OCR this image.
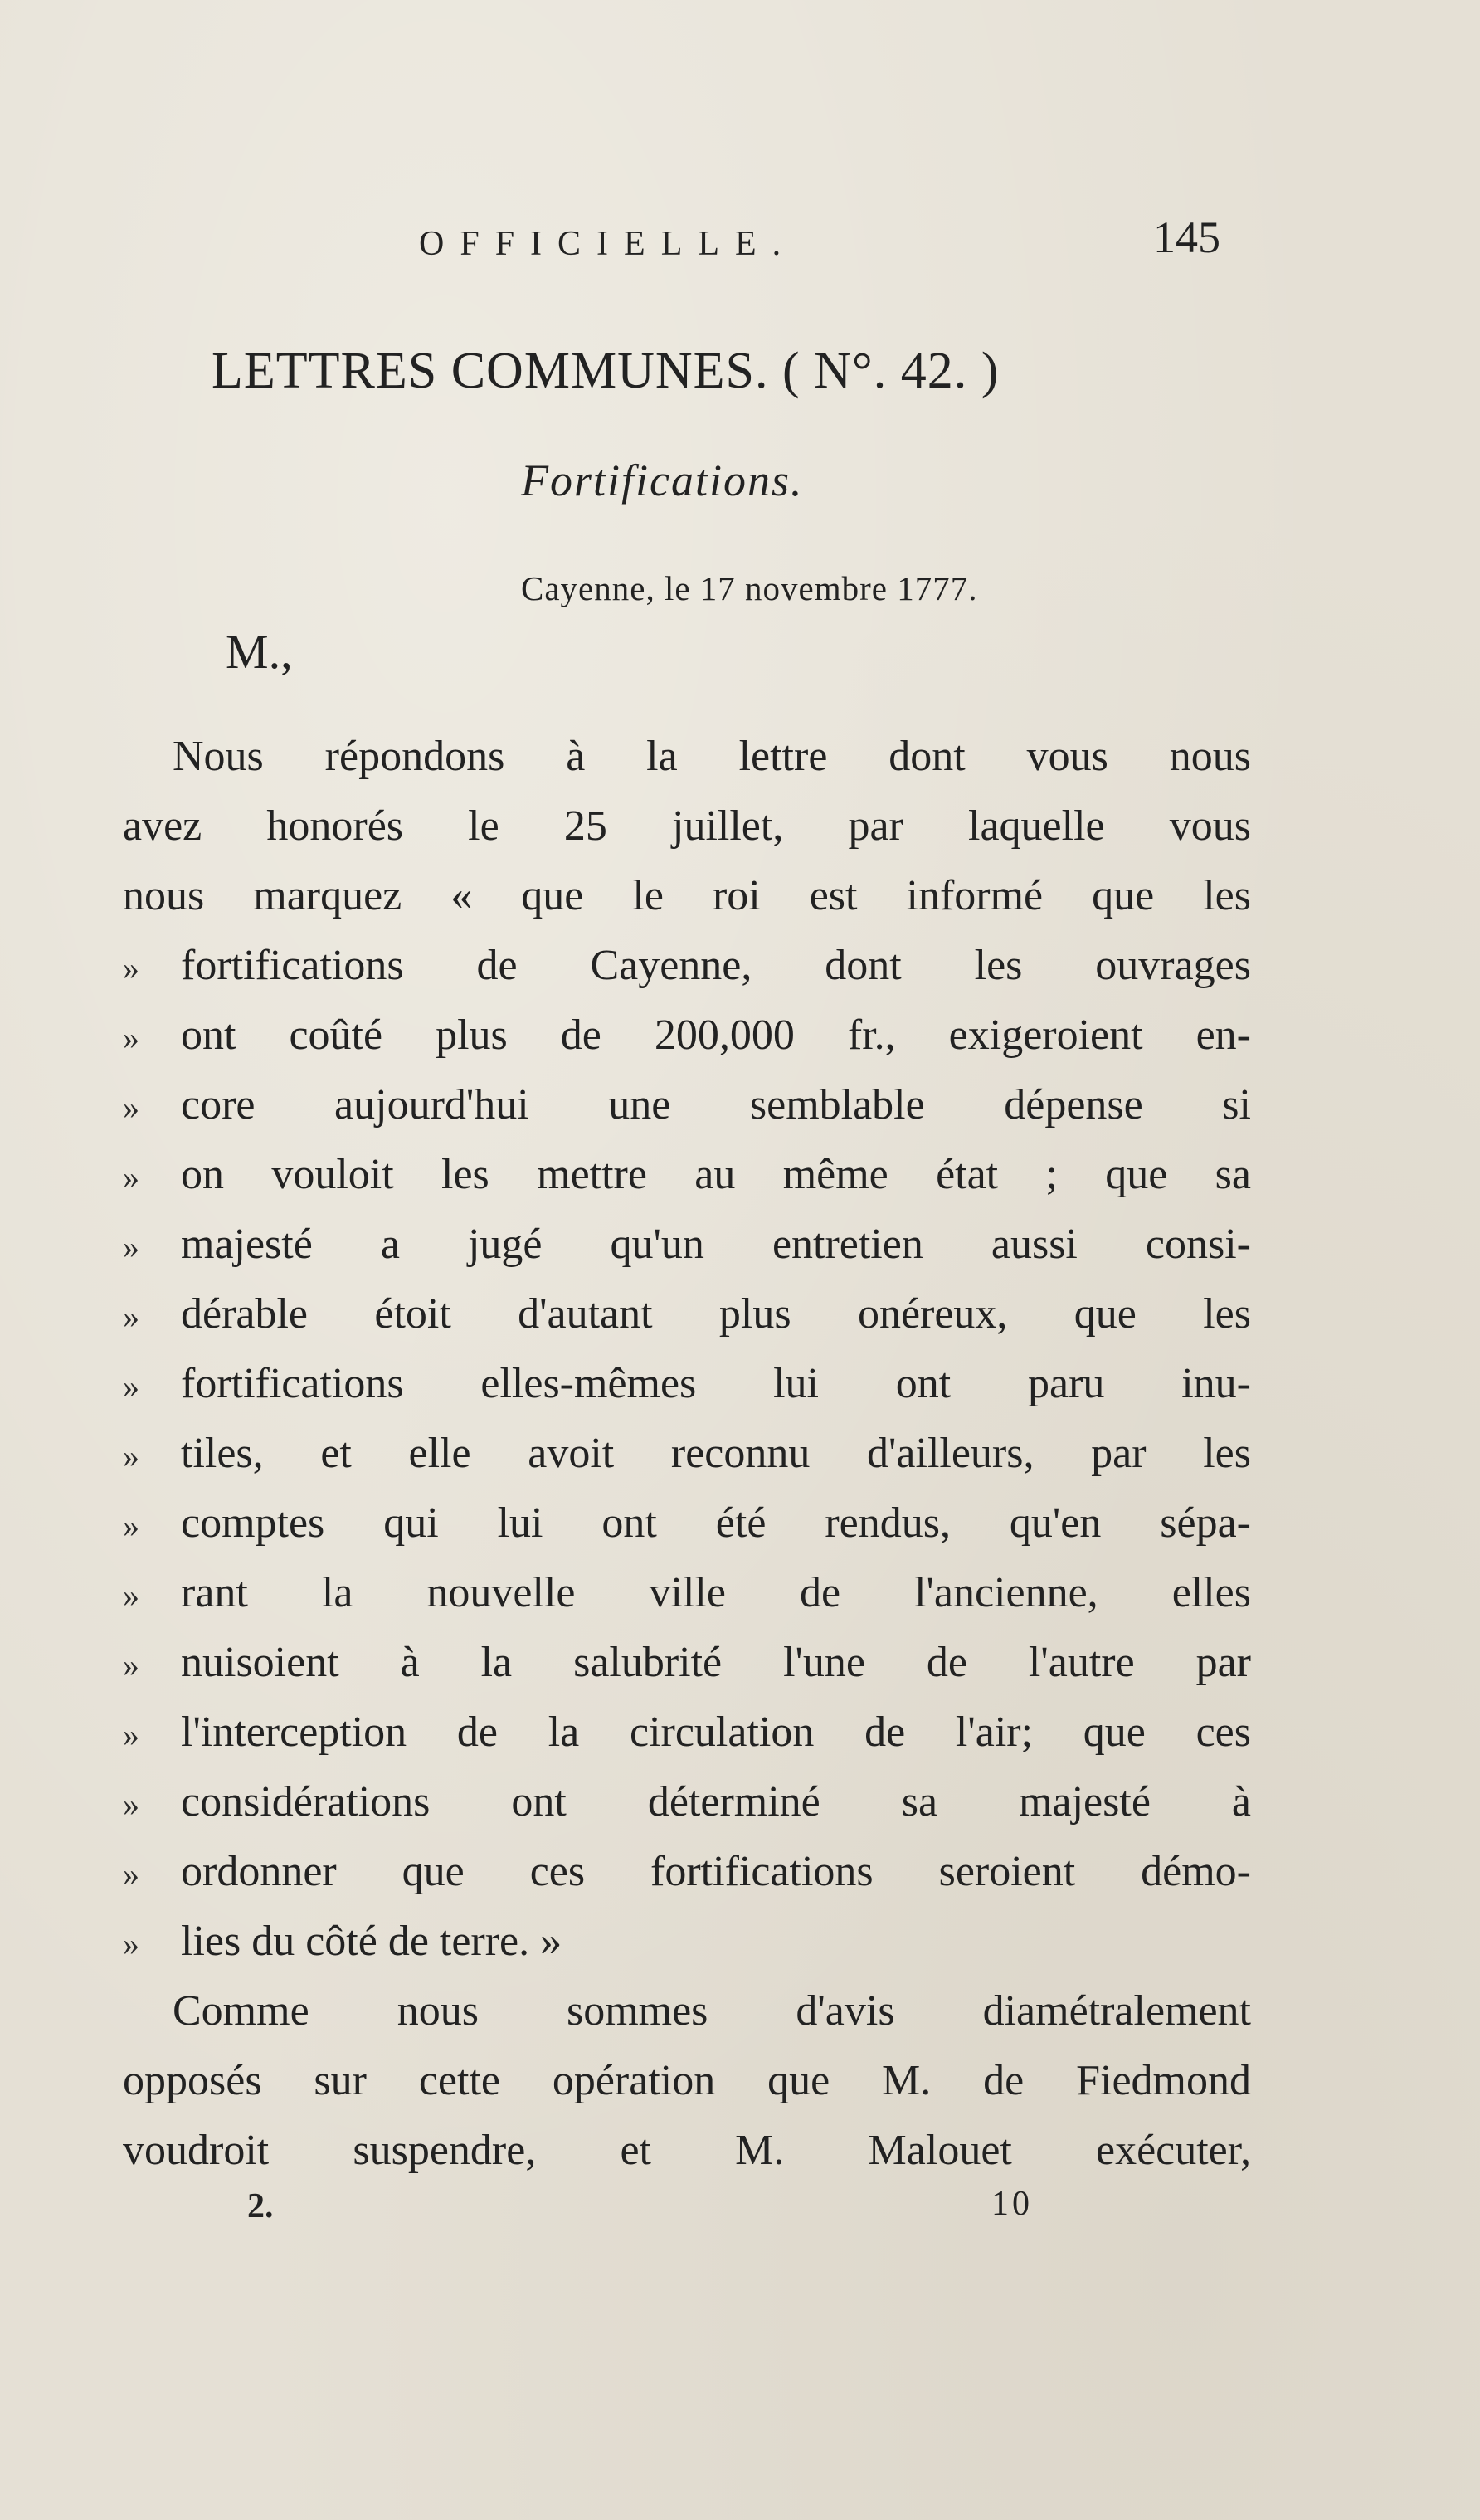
OFFICIELLE.	145
LETTRES COMMUNES. ( N°. 42. )
Fortifications.
Cayenne, le 17 novembre 1777.
M.,
Nous répondons à la lettre dont vous nous
avez honorés le 25 juillet, par laquelle vous
nous marquez « que le roi est informé que les
» fortifications de Cayenne, dont les ouvrages
» ont coûté plus de 200,000 fr., exigeroient en-
» core aujourd'hui une semblable dépense si
» on vouloit les mettre au même état ; que sa
» majesté a jugé qu'un entretien aussi consi-
» dérable étoit d'autant plus onéreux, que les
» fortifications elles-mêmes lui ont paru inu-
» tiles, et elle avoit reconnu d'ailleurs, par les
» comptes qui lui ont été rendus, qu'en sépa-
» rant la nouvelle ville de l'ancienne, elles
» nuisoient à la salubrité l'une de l'autre par
» l'interception de la circulation de l'air; que ces
» considérations ont déterminé sa majesté à
» ordonner que ces fortifications seroient démo-
» lies du côté de terre. »
Comme nous sommes d'avis diamétralement
opposés sur cette opération que M. de Fiedmond
voudroit suspendre, et M. Malouet exécuter,
2.	10
